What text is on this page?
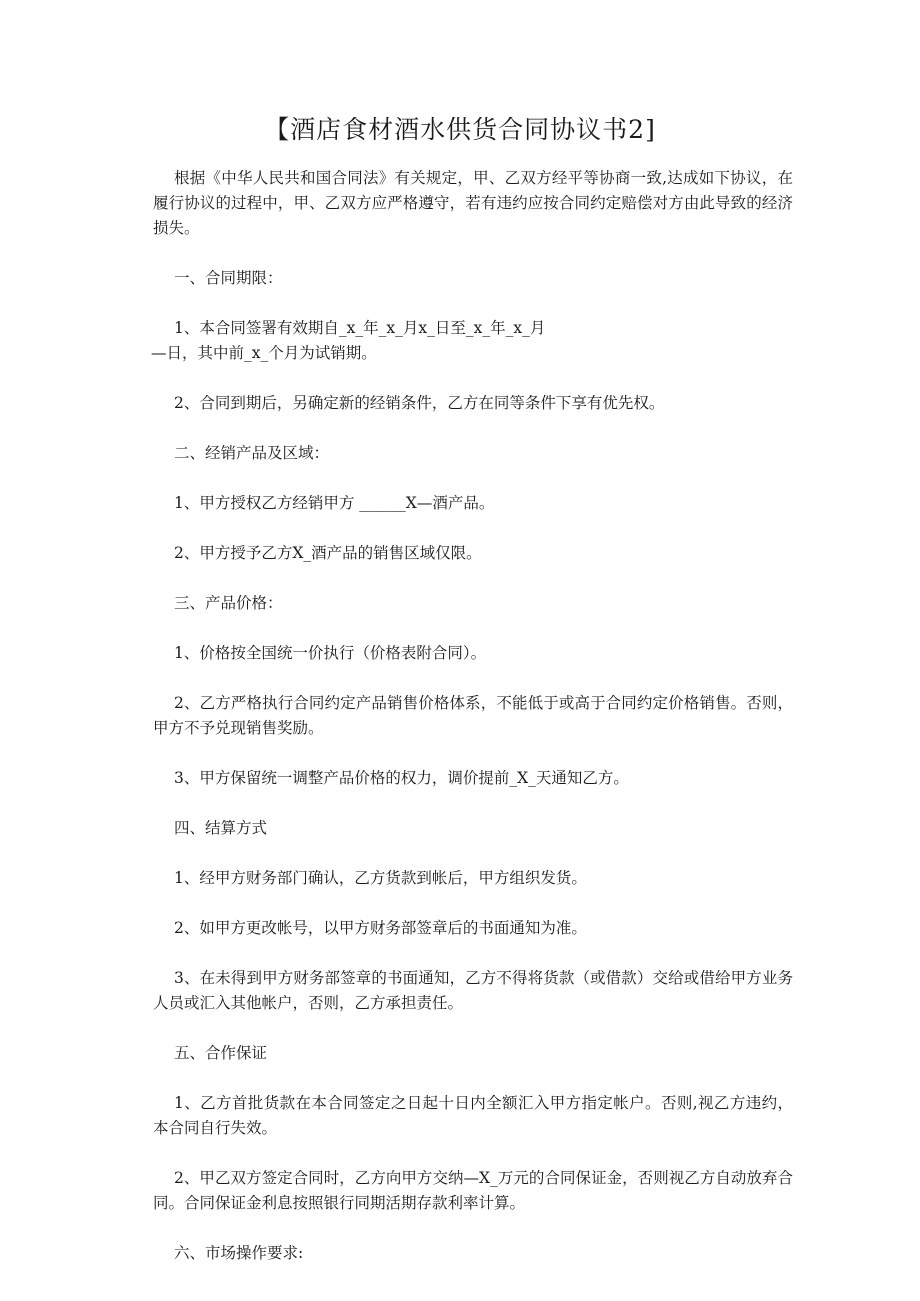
【酒店食材酒水供货合同协议书2]

根据《中华人民共和国合同法》有关规定，甲、乙双方经平等协商一致,达成如下协议，在履行协议的过程中，甲、乙双方应严格遵守，若有违约应按合同约定赔偿对方由此导致的经济损失。

一、合同期限：

1、本合同签署有效期自_x_年_x_月x_日至_x_年_x_月
—日，其中前_x_个月为试销期。

2、合同到期后，另确定新的经销条件，乙方在同等条件下享有优先权。

二、经销产品及区域：

1、甲方授权乙方经销甲方 ______X—酒产品。

2、甲方授予乙方X_酒产品的销售区域仅限。

三、产品价格：

1、价格按全国统一价执行（价格表附合同）。

2、乙方严格执行合同约定产品销售价格体系，不能低于或高于合同约定价格销售。否则，甲方不予兑现销售奖励。

3、甲方保留统一调整产品价格的权力，调价提前_X_天通知乙方。

四、结算方式

1、经甲方财务部门确认，乙方货款到帐后，甲方组织发货。

2、如甲方更改帐号，以甲方财务部签章后的书面通知为准。

3、在未得到甲方财务部签章的书面通知，乙方不得将货款（或借款）交给或借给甲方业务人员或汇入其他帐户，否则，乙方承担责任。

五、合作保证

1、乙方首批货款在本合同签定之日起十日内全额汇入甲方指定帐户。否则,视乙方违约，本合同自行失效。

2、甲乙双方签定合同时，乙方向甲方交纳—X_万元的合同保证金，否则视乙方自动放弃合同。合同保证金利息按照银行同期活期存款利率计算。

六、市场操作要求:
